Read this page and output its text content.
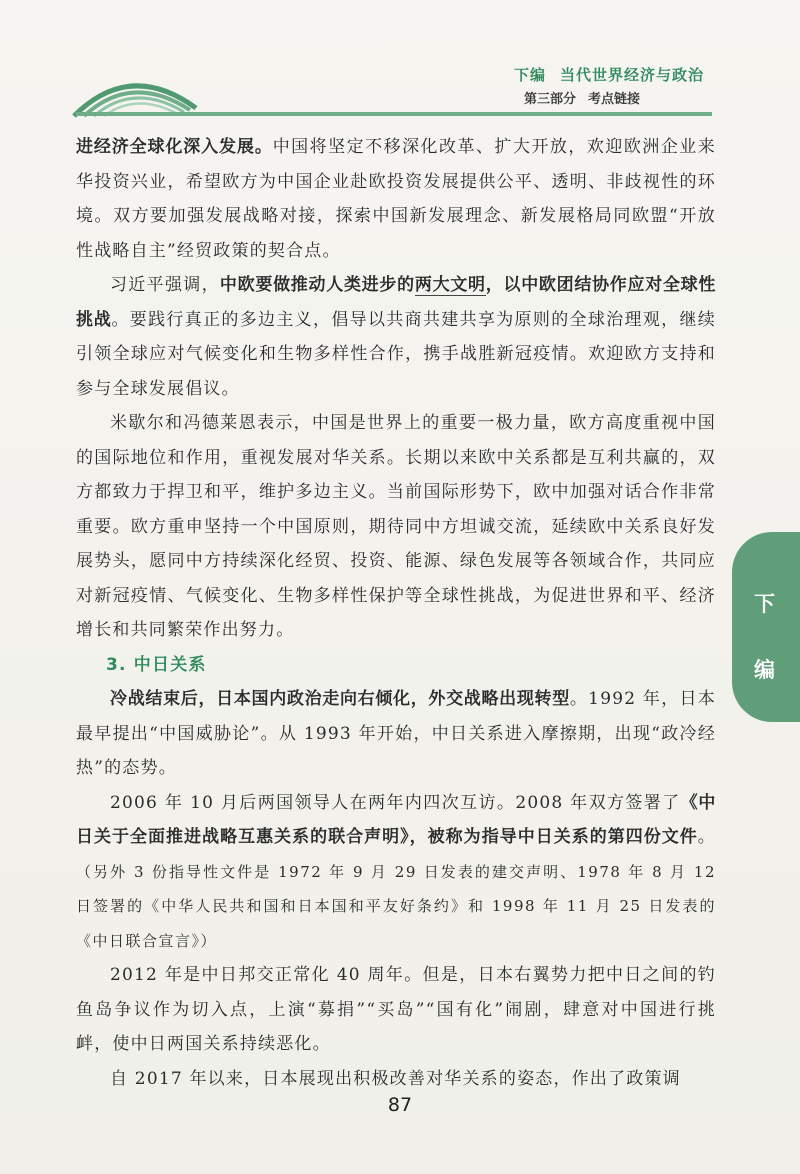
下编 当代世界经济与政治
第三部分 考点链接

进经济全球化深入发展。中国将坚定不移深化改革、扩大开放，欢迎欧洲企业来华投资兴业，希望欧方为中国企业赴欧投资发展提供公平、透明、非歧视性的环境。双方要加强发展战略对接，探索中国新发展理念、新发展格局同欧盟“开放性战略自主”经贸政策的契合点。

习近平强调，中欧要做推动人类进步的两大文明，以中欧团结协作应对全球性挑战。要践行真正的多边主义，倡导以共商共建共享为原则的全球治理观，继续引领全球应对气候变化和生物多样性合作，携手战胜新冠疫情。欢迎欧方支持和参与全球发展倡议。

米歇尔和冯德莱恩表示，中国是世界上的重要一极力量，欧方高度重视中国的国际地位和作用，重视发展对华关系。长期以来欧中关系都是互利共赢的，双方都致力于捍卫和平，维护多边主义。当前国际形势下，欧中加强对话合作非常重要。欧方重申坚持一个中国原则，期待同中方坦诚交流，延续欧中关系良好发展势头，愿同中方持续深化经贸、投资、能源、绿色发展等各领域合作，共同应对新冠疫情、气候变化、生物多样性保护等全球性挑战，为促进世界和平、经济增长和共同繁荣作出努力。

3. 中日关系

冷战结束后，日本国内政治走向右倾化，外交战略出现转型。1992 年，日本最早提出“中国威胁论”。从 1993 年开始，中日关系进入摩擦期，出现“政冷经热”的态势。

2006 年 10 月后两国领导人在两年内四次互访。2008 年双方签署了《中日关于全面推进战略互惠关系的联合声明》，被称为指导中日关系的第四份文件。（另外 3 份指导性文件是 1972 年 9 月 29 日发表的建交声明、1978 年 8 月 12 日签署的《中华人民共和国和日本国和平友好条约》和 1998 年 11 月 25 日发表的《中日联合宣言》）

2012 年是中日邦交正常化 40 周年。但是，日本右翼势力把中日之间的钓鱼岛争议作为切入点，上演“募捐”“买岛”“国有化”闹剧，肆意对中国进行挑衅，使中日两国关系持续恶化。

自 2017 年以来，日本展现出积极改善对华关系的姿态，作出了政策调

下
编
87
